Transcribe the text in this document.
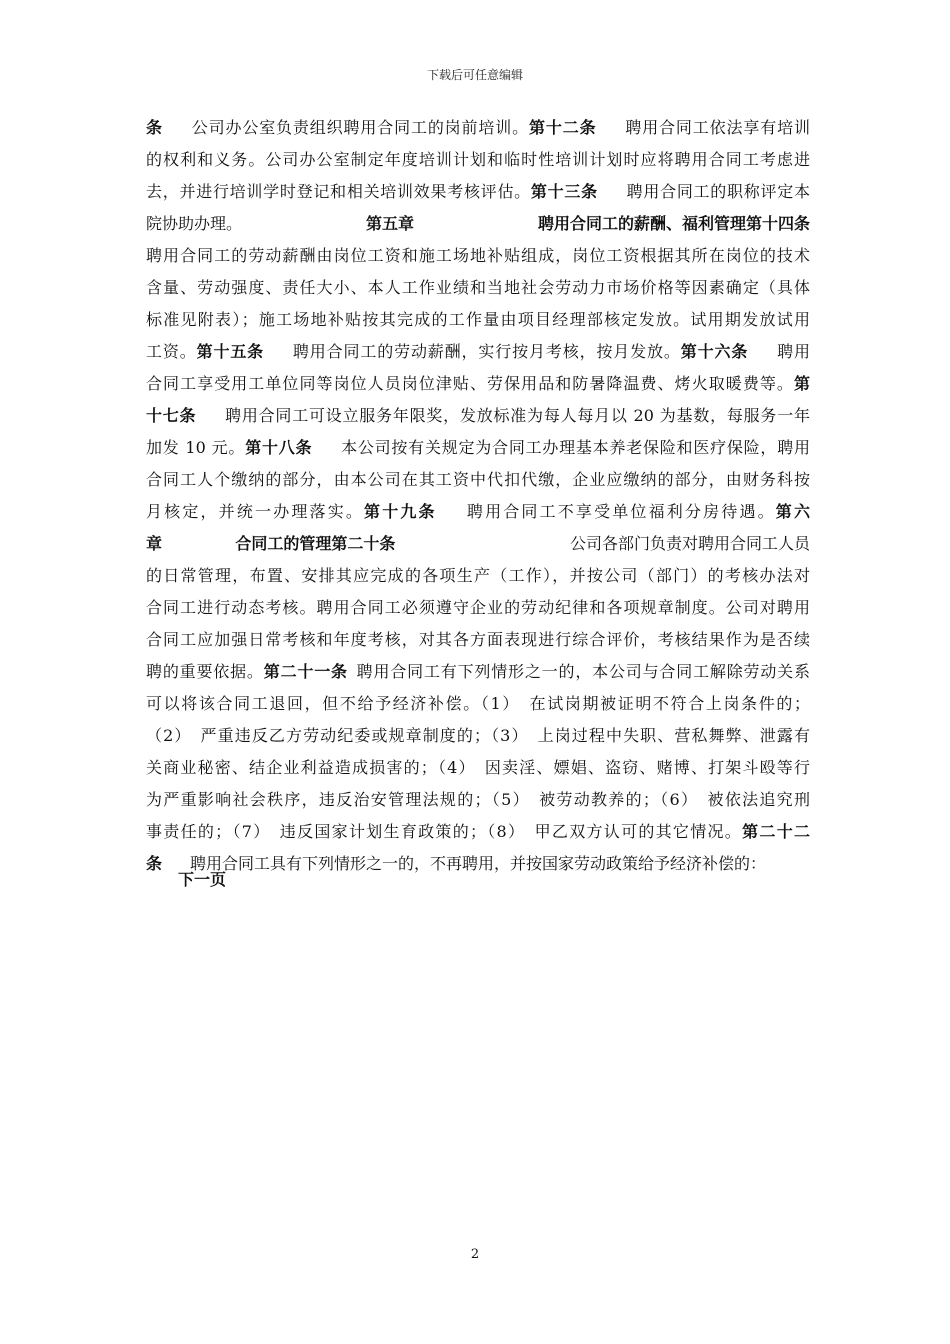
下载后可任意编辑
条 公司办公室负责组织聘用合同工的岗前培训。第十二条 聘用合同工依法享有培训
的权利和义务。公司办公室制定年度培训计划和临时性培训计划时应将聘用合同工考虑进
去，并进行培训学时登记和相关培训效果考核评估。第十三条 聘用合同工的职称评定本
院协助办理。	第五章	聘用合同工的薪酬、福利管理第十四条
聘用合同工的劳动薪酬由岗位工资和施工场地补贴组成，岗位工资根据其所在岗位的技术
含量、劳动强度、责任大小、本人工作业绩和当地社会劳动力市场价格等因素确定（具体
标准见附表）；施工场地补贴按其完成的工作量由项目经理部核定发放。试用期发放试用
工资。第十五条 聘用合同工的劳动薪酬，实行按月考核，按月发放。第十六条 聘用
合同工享受用工单位同等岗位人员岗位津贴、劳保用品和防暑降温费、烤火取暖费等。第
十七条 聘用合同工可设立服务年限奖，发放标准为每人每月以 20 为基数，每服务一年
加发 10 元。第十八条 本公司按有关规定为合同工办理基本养老保险和医疗保险，聘用
合同工人个缴纳的部分，由本公司在其工资中代扣代缴，企业应缴纳的部分，由财务科按
月核定，并统一办理落实。第十九条 聘用合同工不享受单位福利分房待遇。第六
章	合同工的管理第二十条	公司各部门负责对聘用合同工人员
的日常管理，布置、安排其应完成的各项生产（工作），并按公司（部门）的考核办法对
合同工进行动态考核。聘用合同工必须遵守企业的劳动纪律和各项规章制度。公司对聘用
合同工应加强日常考核和年度考核，对其各方面表现进行综合评价，考核结果作为是否续
聘的重要依据。第二十一条 聘用合同工有下列情形之一的，本公司与合同工解除劳动关系
可以将该合同工退回，但不给予经济补偿。（1） 在试岗期被证明不符合上岗条件的；
（2） 严重违反乙方劳动纪委或规章制度的；（3） 上岗过程中失职、营私舞弊、泄露有
关商业秘密、结企业利益造成损害的；（4） 因卖淫、嫖娼、盗窃、赌博、打架斗殴等行
为严重影响社会秩序，违反治安管理法规的；（5） 被劳动教养的；（6） 被依法追究刑
事责任的；（7） 违反国家计划生育政策的；（8） 甲乙双方认可的其它情况。第二十二
条 聘用合同工具有下列情形之一的，不再聘用，并按国家劳动政策给予经济补偿的：
下一页
2
